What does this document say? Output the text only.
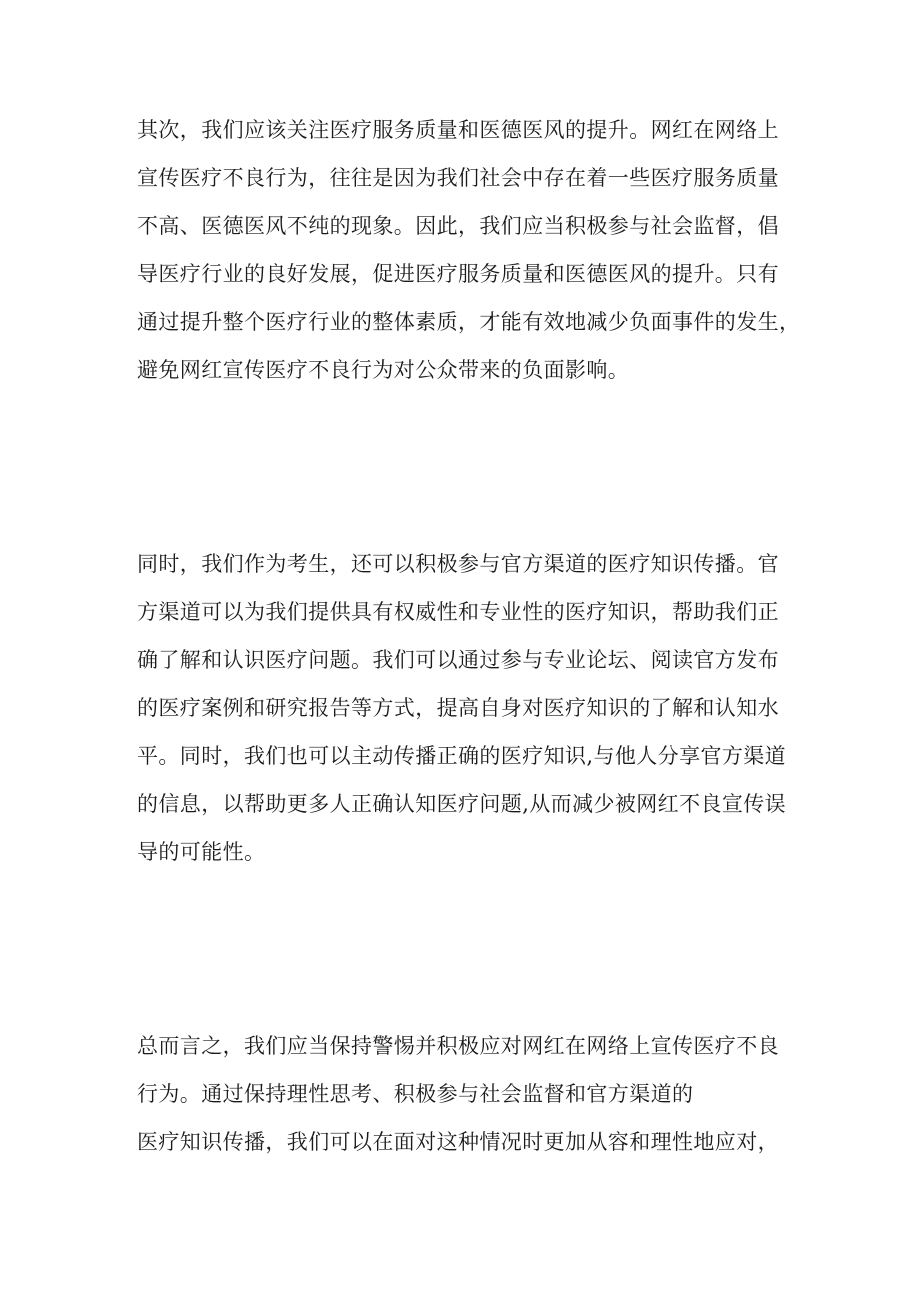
其次，我们应该关注医疗服务质量和医德医风的提升。网红在网络上
宣传医疗不良行为，往往是因为我们社会中存在着一些医疗服务质量
不高、医德医风不纯的现象。因此，我们应当积极参与社会监督，倡
导医疗行业的良好发展，促进医疗服务质量和医德医风的提升。只有
通过提升整个医疗行业的整体素质，才能有效地减少负面事件的发生，
避免网红宣传医疗不良行为对公众带来的负面影响。

同时，我们作为考生，还可以积极参与官方渠道的医疗知识传播。官
方渠道可以为我们提供具有权威性和专业性的医疗知识，帮助我们正
确了解和认识医疗问题。我们可以通过参与专业论坛、阅读官方发布
的医疗案例和研究报告等方式，提高自身对医疗知识的了解和认知水
平。同时，我们也可以主动传播正确的医疗知识,与他人分享官方渠道
的信息，以帮助更多人正确认知医疗问题,从而减少被网红不良宣传误
导的可能性。

总而言之，我们应当保持警惕并积极应对网红在网络上宣传医疗不良
行为。通过保持理性思考、积极参与社会监督和官方渠道的
医疗知识传播，我们可以在面对这种情况时更加从容和理性地应对，
